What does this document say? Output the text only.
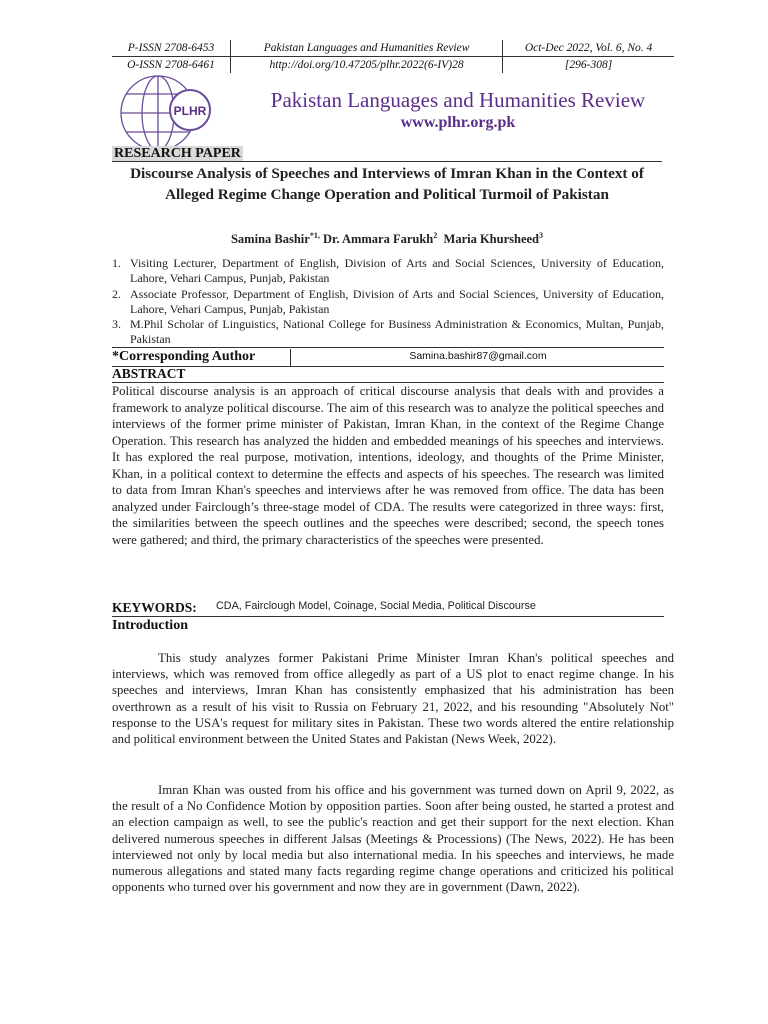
P-ISSN 2708-6453	Pakistan Languages and Humanities Review	Oct-Dec 2022, Vol. 6, No. 4
O-ISSN 2708-6461	http://doi.org/10.47205/plhr.2022(6-IV)28	[296-308]
PLHR	Pakistan Languages and Humanities Review
www.plhr.org.pk
RESEARCH PAPER
Discourse Analysis of Speeches and Interviews of Imran Khan in the Context of Alleged Regime Change Operation and Political Turmoil of Pakistan
Samina Bashir$^{*1,}$ Dr. Ammara Farukh$^2$ Maria Khursheed$^3$
1. Visiting Lecturer, Department of English, Division of Arts and Social Sciences, University of Education, Lahore, Vehari Campus, Punjab, Pakistan
2. Associate Professor, Department of English, Division of Arts and Social Sciences, University of Education, Lahore, Vehari Campus, Punjab, Pakistan
3. M.Phil Scholar of Linguistics, National College for Business Administration & Economics, Multan, Punjab, Pakistan
*Corresponding Author	Samina.bashir87@gmail.com
ABSTRACT
Political discourse analysis is an approach of critical discourse analysis that deals with and provides a framework to analyze political discourse. The aim of this research was to analyze the political speeches and interviews of the former prime minister of Pakistan, Imran Khan, in the context of the Regime Change Operation. This research has analyzed the hidden and embedded meanings of his speeches and interviews. It has explored the real purpose, motivation, intentions, ideology, and thoughts of the Prime Minister, Khan, in a political context to determine the effects and aspects of his speeches. The research was limited to data from Imran Khan's speeches and interviews after he was removed from office. The data has been analyzed under Fairclough’s three-stage model of CDA. The results were categorized in three ways: first, the similarities between the speech outlines and the speeches were described; second, the speech tones were gathered; and third, the primary characteristics of the speeches were presented.
KEYWORDS: CDA, Fairclough Model, Coinage, Social Media, Political Discourse
Introduction
This study analyzes former Pakistani Prime Minister Imran Khan's political speeches and interviews, which was removed from office allegedly as part of a US plot to enact regime change. In his speeches and interviews, Imran Khan has consistently emphasized that his administration has been overthrown as a result of his visit to Russia on February 21, 2022, and his resounding "Absolutely Not" response to the USA's request for military sites in Pakistan. These two words altered the entire relationship and political environment between the United States and Pakistan (News Week, 2022).
Imran Khan was ousted from his office and his government was turned down on April 9, 2022, as the result of a No Confidence Motion by opposition parties. Soon after being ousted, he started a protest and an election campaign as well, to see the public's reaction and get their support for the next election. Khan delivered numerous speeches in different Jalsas (Meetings & Processions) (The News, 2022). He has been interviewed not only by local media but also international media. In his speeches and interviews, he made numerous allegations and stated many facts regarding regime change operations and criticized his political opponents who turned over his government and now they are in government (Dawn, 2022).
